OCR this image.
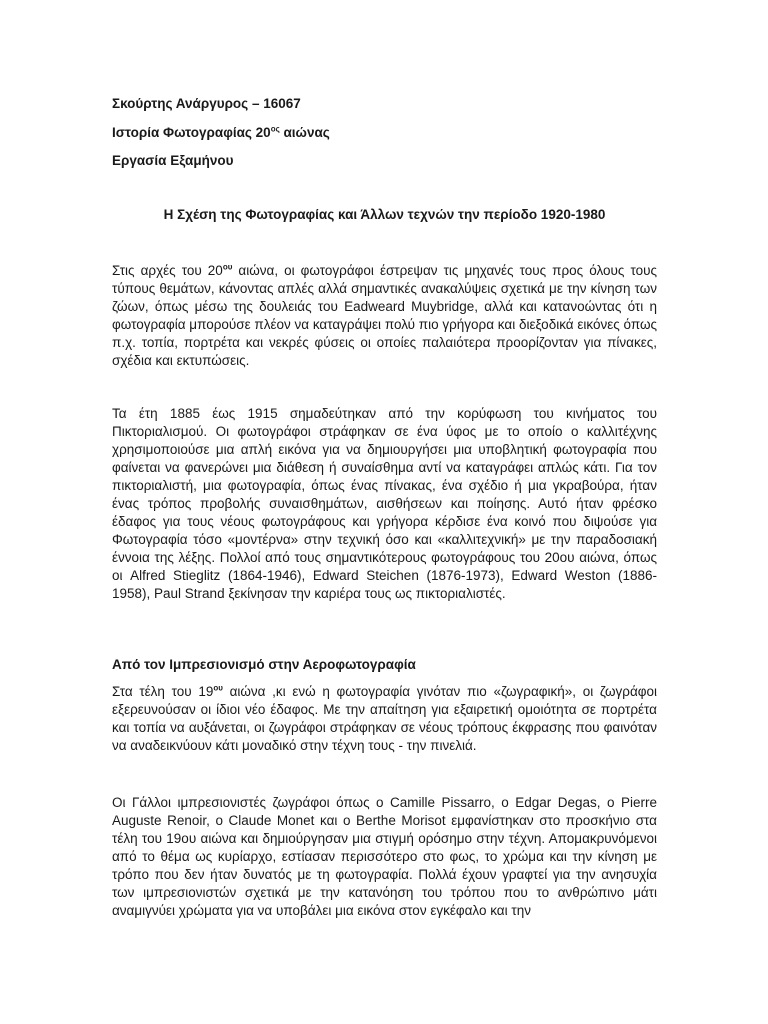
Σκούρτης Ανάργυρος – 16067
Ιστορία Φωτογραφίας $20^{o\varsigma}$ αιώνας
Εργασία Εξαμήνου
Η Σχέση της Φωτογραφίας και Άλλων τεχνών την περίοδο 1920-1980
Στις αρχές του $20^{o\upsilon}$ αιώνα, οι φωτογράφοι έστρεψαν τις μηχανές τους προς όλους τους τύπους θεμάτων, κάνοντας απλές αλλά σημαντικές ανακαλύψεις σχετικά με την κίνηση των ζώων, όπως μέσω της δουλειάς του Eadweard Muybridge, αλλά και κατανοώντας ότι η φωτογραφία μπορούσε πλέον να καταγράψει πολύ πιο γρήγορα και διεξοδικά εικόνες όπως π.χ. τοπία, πορτρέτα και νεκρές φύσεις οι οποίες παλαιότερα προορίζονταν για πίνακες, σχέδια και εκτυπώσεις.
Τα έτη 1885 έως 1915 σημαδεύτηκαν από την κορύφωση του κινήματος του Πικτοριαλισμού. Οι φωτογράφοι στράφηκαν σε ένα ύφος με το οποίο ο καλλιτέχνης χρησιμοποιούσε μια απλή εικόνα για να δημιουργήσει μια υποβλητική φωτογραφία που φαίνεται να φανερώνει μια διάθεση ή συναίσθημα αντί να καταγράφει απλώς κάτι. Για τον πικτοριαλιστή, μια φωτογραφία, όπως ένας πίνακας, ένα σχέδιο ή μια γκραβούρα, ήταν ένας τρόπος προβολής συναισθημάτων, αισθήσεων και ποίησης. Αυτό ήταν φρέσκο έδαφος για τους νέους φωτογράφους και γρήγορα κέρδισε ένα κοινό που διψούσε για Φωτογραφία τόσο «μοντέρνα» στην τεχνική όσο και «καλλιτεχνική» με την παραδοσιακή έννοια της λέξης. Πολλοί από τους σημαντικότερους φωτογράφους του 20ου αιώνα, όπως οι Alfred Stieglitz (1864-1946), Edward Steichen (1876-1973), Edward Weston (1886-1958), Paul Strand ξεκίνησαν την καριέρα τους ως πικτοριαλιστές.
Από τον Ιμπρεσιονισμό στην Αεροφωτογραφία
Στα τέλη του $19^{o\upsilon}$ αιώνα ,κι ενώ η φωτογραφία γινόταν πιο «ζωγραφική», οι ζωγράφοι εξερευνούσαν οι ίδιοι νέο έδαφος. Με την απαίτηση για εξαιρετική ομοιότητα σε πορτρέτα και τοπία να αυξάνεται, οι ζωγράφοι στράφηκαν σε νέους τρόπους έκφρασης που φαινόταν να αναδεικνύουν κάτι μοναδικό στην τέχνη τους - την πινελιά.
Οι Γάλλοι ιμπρεσιονιστές ζωγράφοι όπως ο Camille Pissarro, ο Edgar Degas, ο Pierre Auguste Renoir, ο Claude Monet και ο Berthe Morisot εμφανίστηκαν στο προσκήνιο στα τέλη του 19ου αιώνα και δημιούργησαν μια στιγμή ορόσημο στην τέχνη. Απομακρυνόμενοι από το θέμα ως κυρίαρχο, εστίασαν περισσότερο στο φως, το χρώμα και την κίνηση με τρόπο που δεν ήταν δυνατός με τη φωτογραφία. Πολλά έχουν γραφτεί για την ανησυχία των ιμπρεσιονιστών σχετικά με την κατανόηση του τρόπου που το ανθρώπινο μάτι αναμιγνύει χρώματα για να υποβάλει μια εικόνα στον εγκέφαλο και την
